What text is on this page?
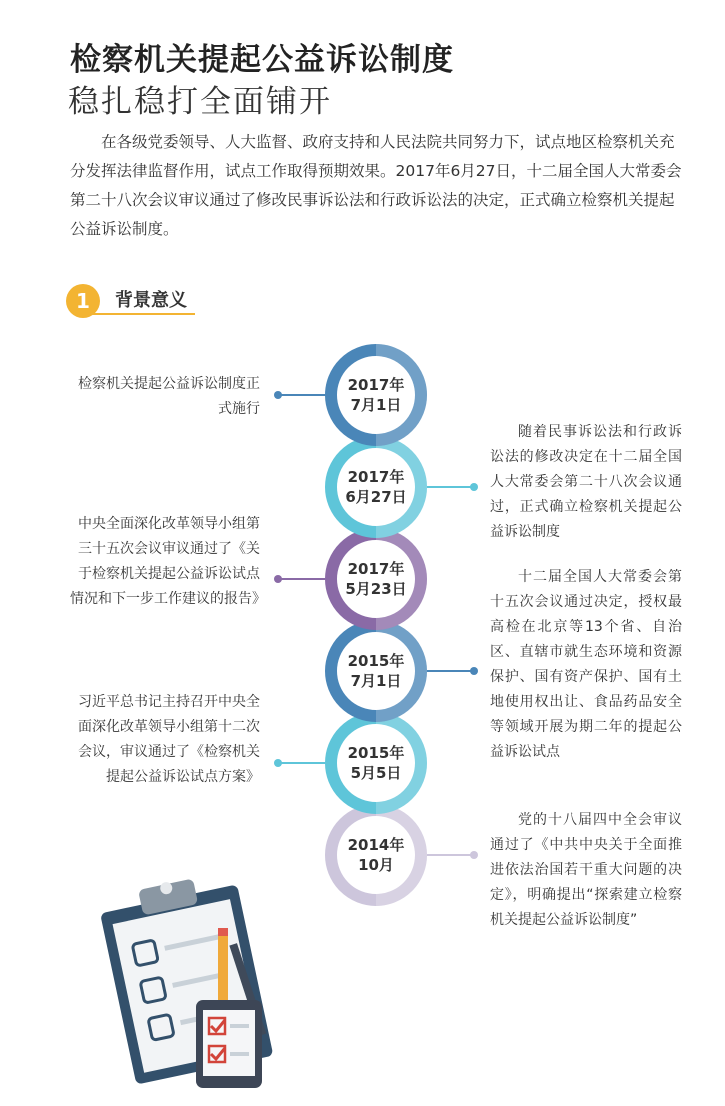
检察机关提起公益诉讼制度
稳扎稳打全面铺开
在各级党委领导、人大监督、政府支持和人民法院共同努力下，试点地区检察机关充分发挥法律监督作用，试点工作取得预期效果。2017年6月27日，十二届全国人大常委会第二十八次会议审议通过了修改民事诉讼法和行政诉讼法的决定，正式确立检察机关提起公益诉讼制度。
1	背景意义
2017年
7月1日
检察机关提起公益诉讼制度正式施行
2017年
6月27日
随着民事诉讼法和行政诉讼法的修改决定在十二届全国人大常委会第二十八次会议通过，正式确立检察机关提起公益诉讼制度
2017年
5月23日
中央全面深化改革领导小组第三十五次会议审议通过了《关于检察机关提起公益诉讼试点情况和下一步工作建议的报告》
2015年
7月1日
十二届全国人大常委会第十五次会议通过决定，授权最高检在北京等13个省、自治区、直辖市就生态环境和资源保护、国有资产保护、国有土地使用权出让、食品药品安全等领域开展为期二年的提起公益诉讼试点
2015年
5月5日
习近平总书记主持召开中央全面深化改革领导小组第十二次会议，审议通过了《检察机关提起公益诉讼试点方案》
2014年
10月
党的十八届四中全会审议通过了《中共中央关于全面推进依法治国若干重大问题的决定》，明确提出“探索建立检察机关提起公益诉讼制度”
